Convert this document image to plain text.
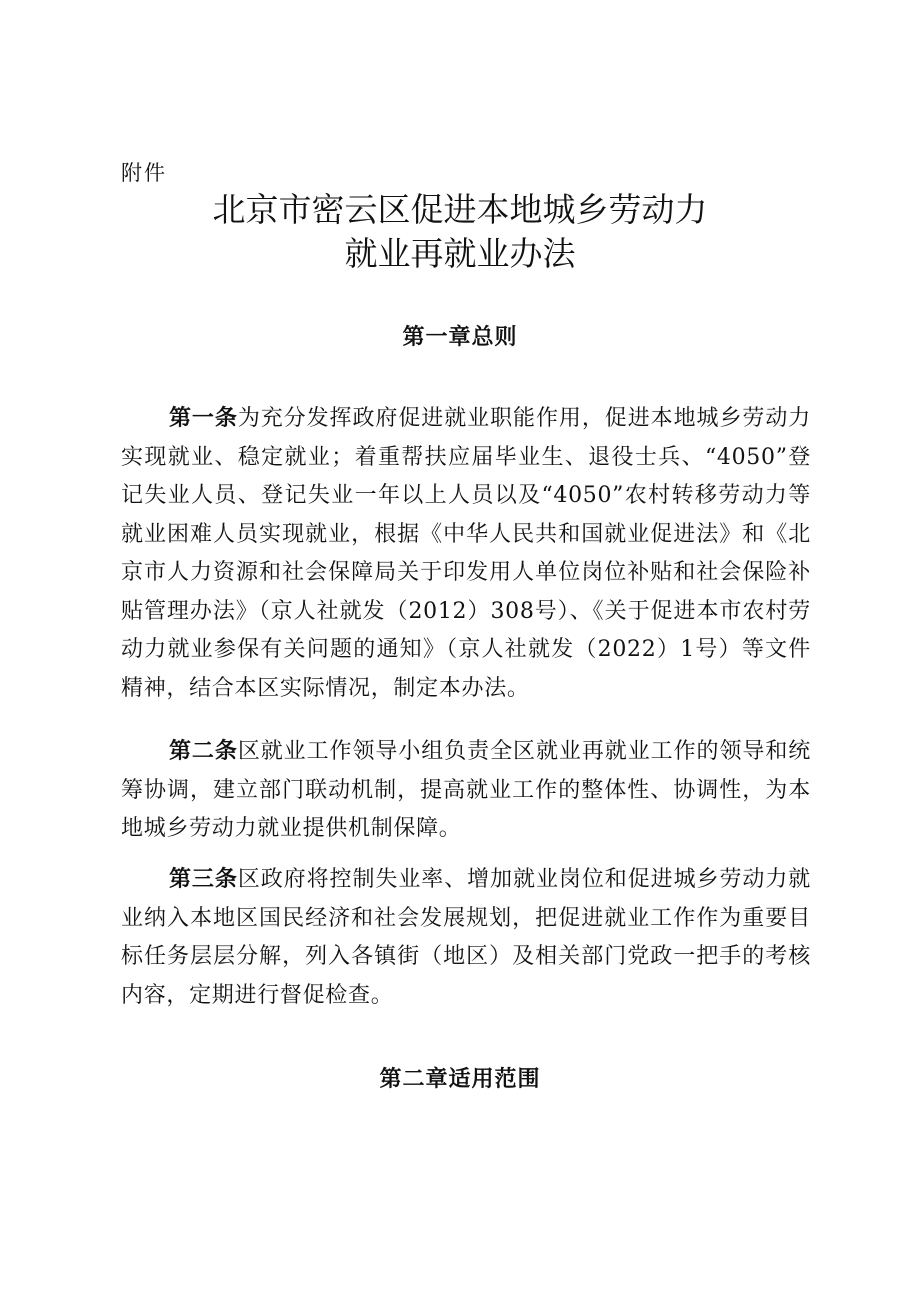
附件
北京市密云区促进本地城乡劳动力
就业再就业办法
第一章总则

第一条为充分发挥政府促进就业职能作用，促进本地城乡劳动力实现就业、稳定就业；着重帮扶应届毕业生、退役士兵、“4050”登记失业人员、登记失业一年以上人员以及“4050”农村转移劳动力等就业困难人员实现就业，根据《中华人民共和国就业促进法》和《北京市人力资源和社会保障局关于印发用人单位岗位补贴和社会保险补贴管理办法》（京人社就发（2012）308号）、《关于促进本市农村劳动力就业参保有关问题的通知》（京人社就发（2022）1号）等文件精神，结合本区实际情况，制定本办法。

第二条区就业工作领导小组负责全区就业再就业工作的领导和统筹协调，建立部门联动机制，提高就业工作的整体性、协调性，为本地城乡劳动力就业提供机制保障。

第三条区政府将控制失业率、增加就业岗位和促进城乡劳动力就业纳入本地区国民经济和社会发展规划，把促进就业工作作为重要目标任务层层分解，列入各镇街（地区）及相关部门党政一把手的考核内容，定期进行督促检查。

第二章适用范围
